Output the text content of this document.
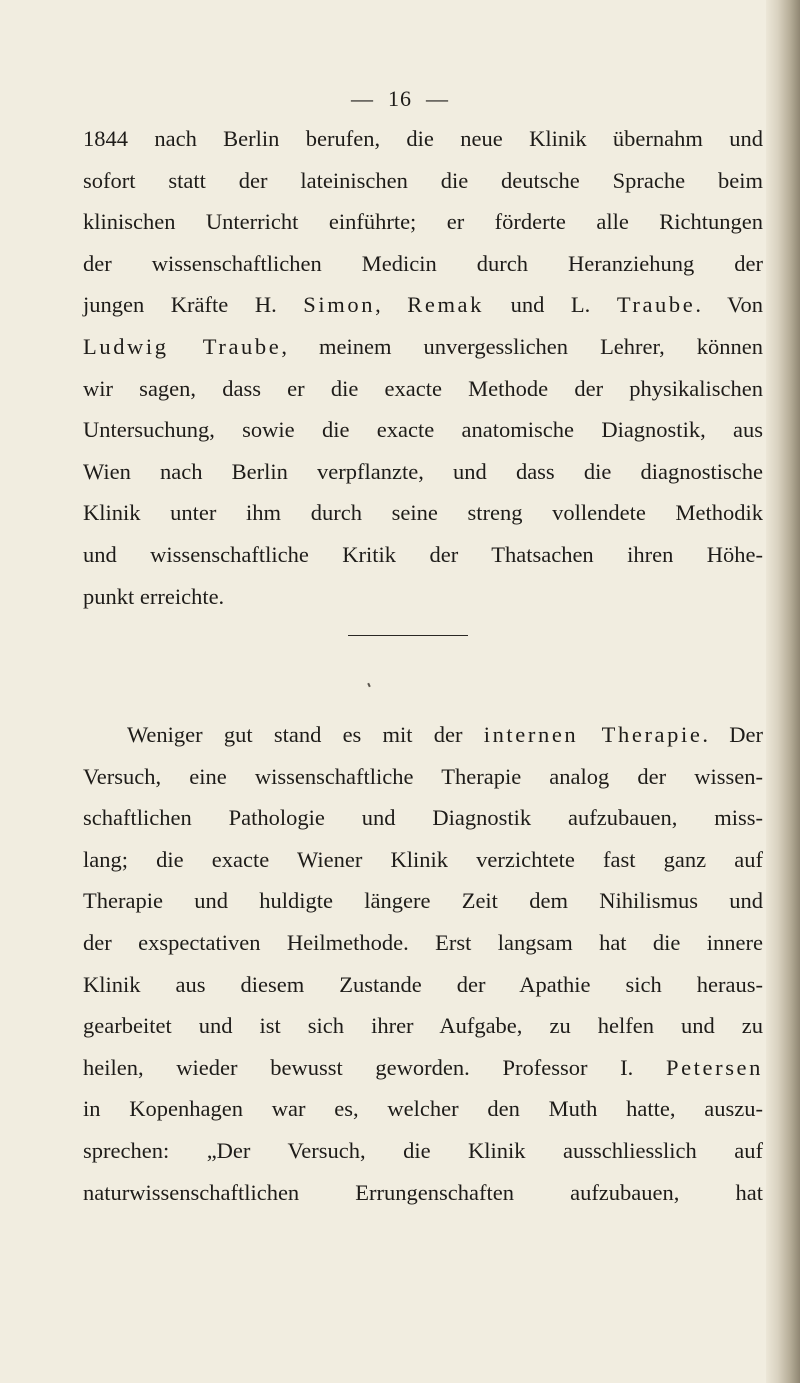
— 16 —
1844 nach Berlin berufen, die neue Klinik übernahm und
sofort statt der lateinischen die deutsche Sprache beim
klinischen Unterricht einführte; er förderte alle Richtungen
der wissenschaftlichen Medicin durch Heranziehung der
jungen Kräfte H. Simon, Remak und L. Traube. Von
Ludwig Traube, meinem unvergesslichen Lehrer, können
wir sagen, dass er die exacte Methode der physikalischen
Untersuchung, sowie die exacte anatomische Diagnostik, aus
Wien nach Berlin verpflanzte, und dass die diagnostische
Klinik unter ihm durch seine streng vollendete Methodik
und wissenschaftliche Kritik der Thatsachen ihren Höhe-
punkt erreichte.
Weniger gut stand es mit der internen Therapie. Der
Versuch, eine wissenschaftliche Therapie analog der wissen-
schaftlichen Pathologie und Diagnostik aufzubauen, miss-
lang; die exacte Wiener Klinik verzichtete fast ganz auf
Therapie und huldigte längere Zeit dem Nihilismus und
der exspectativen Heilmethode. Erst langsam hat die innere
Klinik aus diesem Zustande der Apathie sich heraus-
gearbeitet und ist sich ihrer Aufgabe, zu helfen und zu
heilen, wieder bewusst geworden. Professor I. Petersen
in Kopenhagen war es, welcher den Muth hatte, auszu-
sprechen: „Der Versuch, die Klinik ausschliesslich auf
naturwissenschaftlichen Errungenschaften aufzubauen, hat
